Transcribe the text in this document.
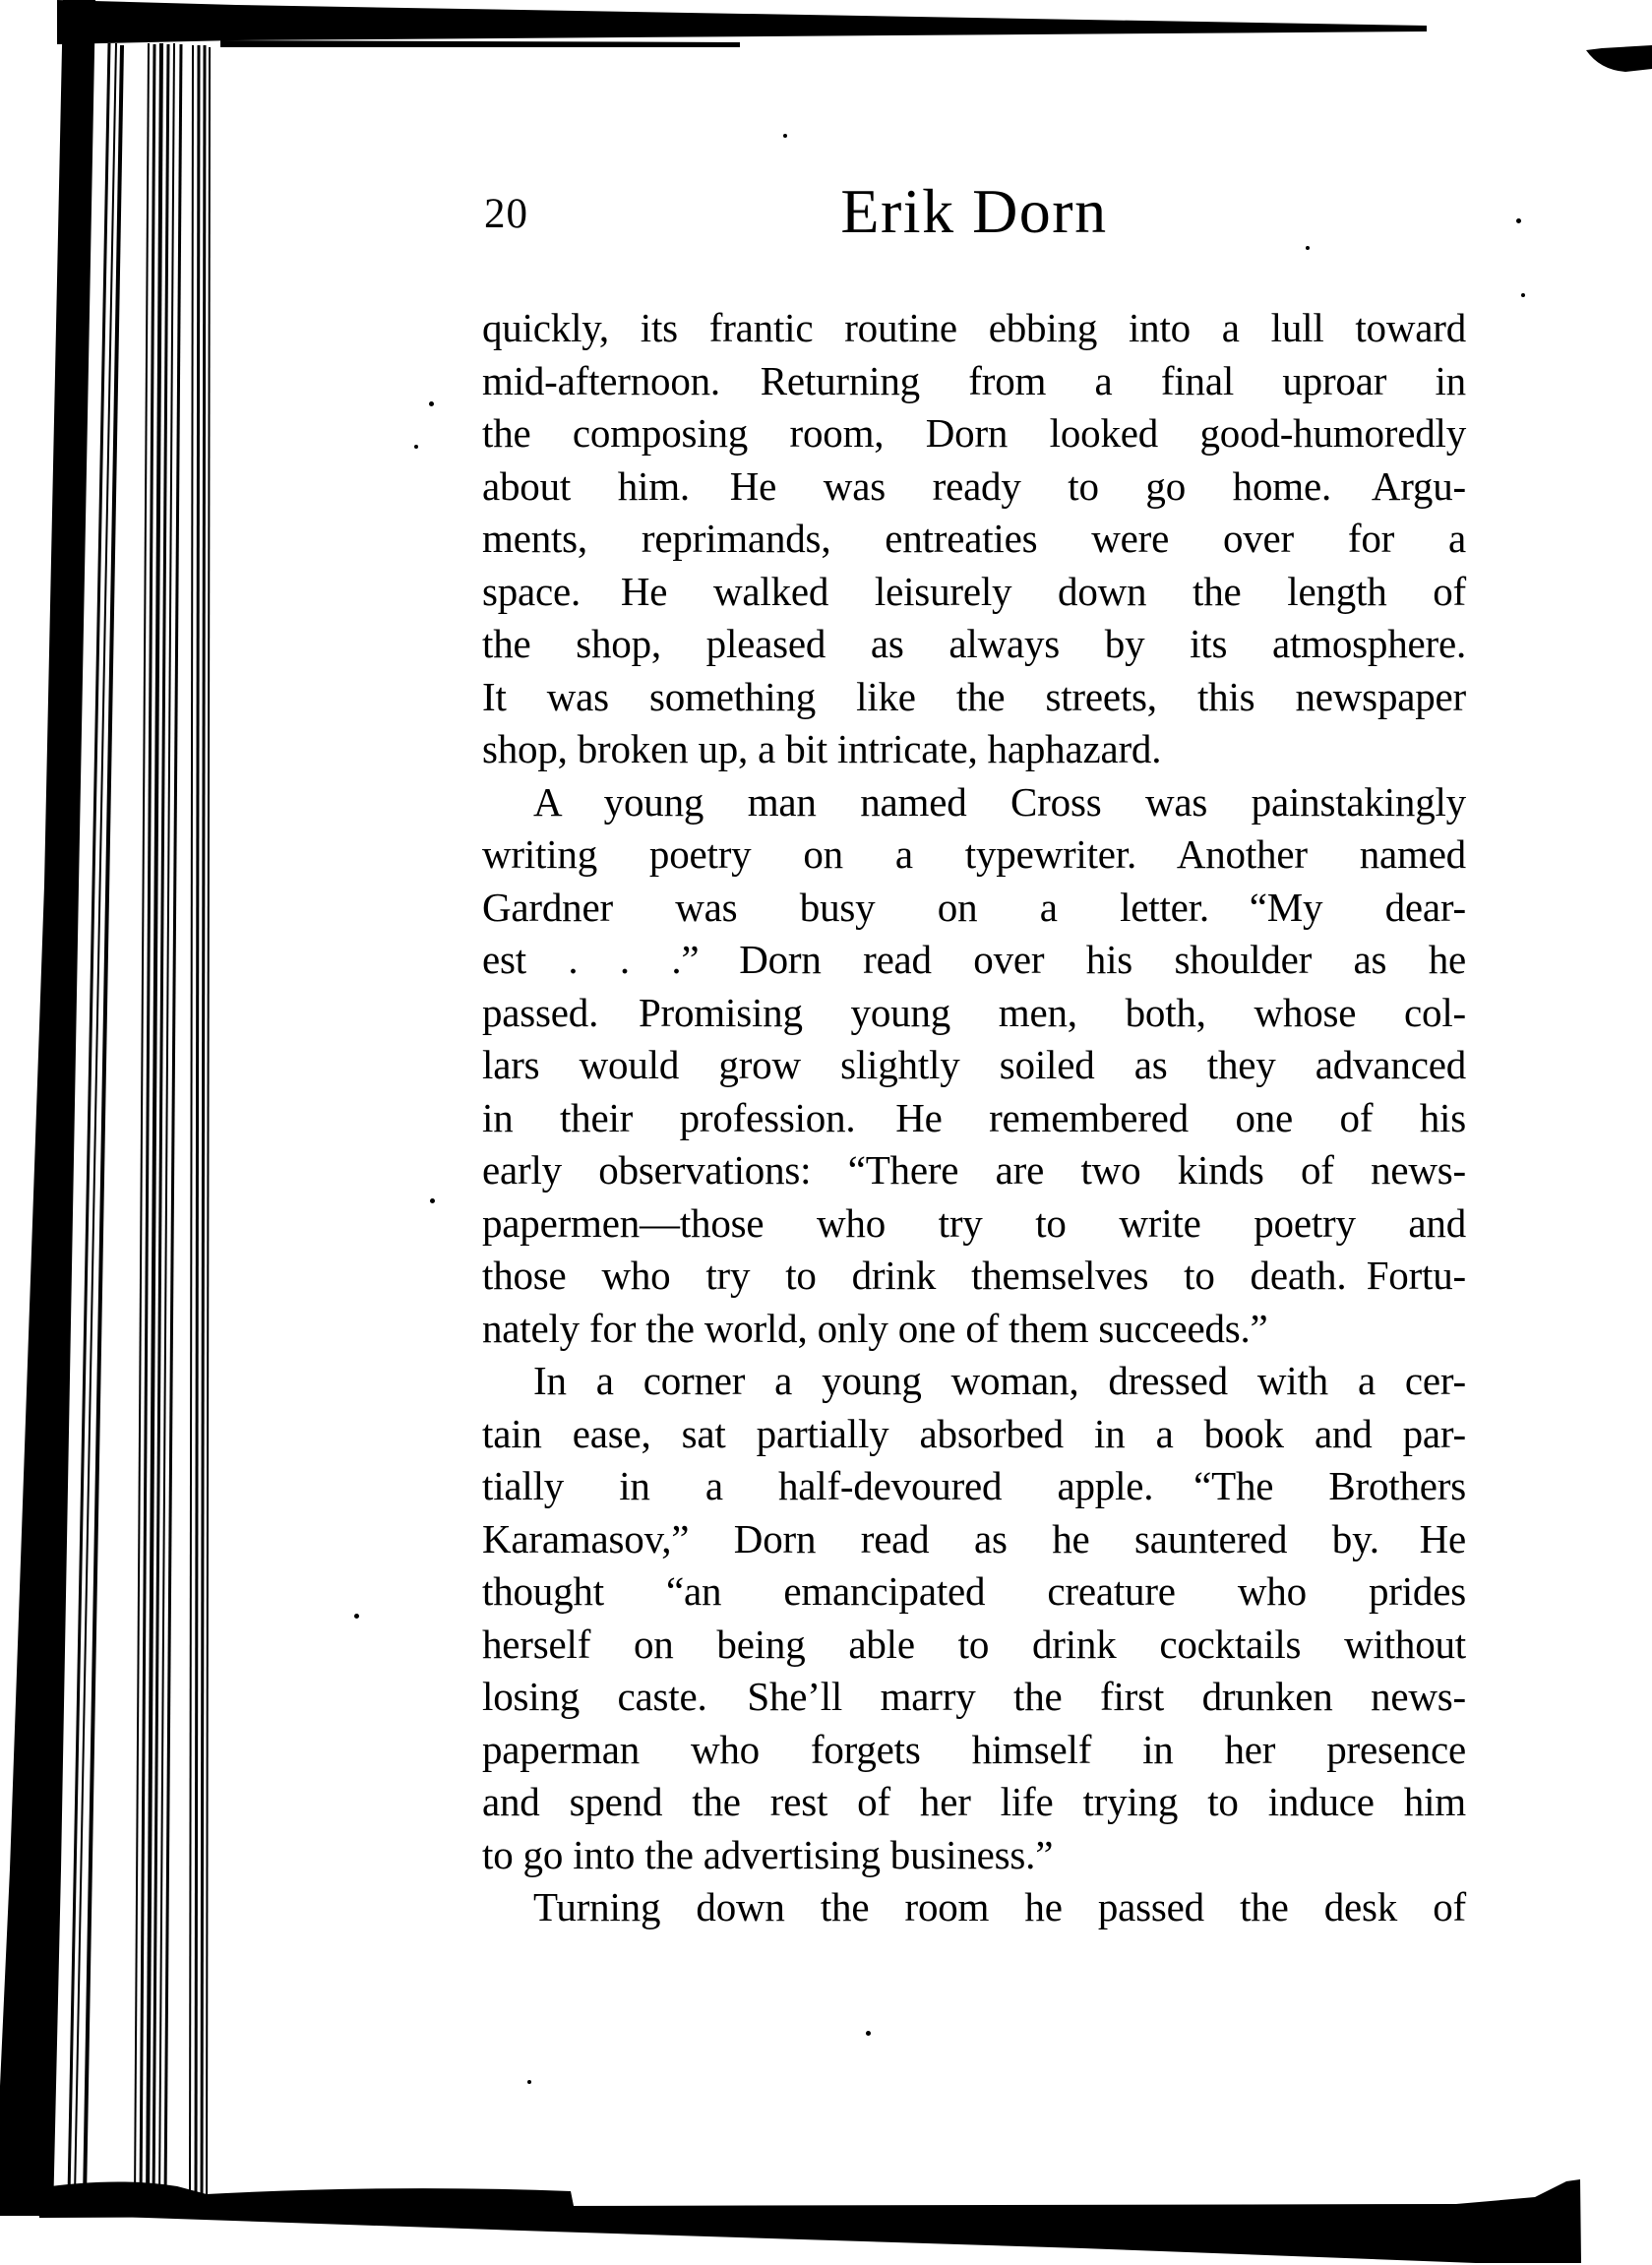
20	Erik Dorn
quickly, its frantic routine ebbing into a lull toward
mid-afternoon. Returning from a final uproar in
the composing room, Dorn looked good-humoredly
about him. He was ready to go home. Argu-
ments, reprimands, entreaties were over for a
space. He walked leisurely down the length of
the shop, pleased as always by its atmosphere.
It was something like the streets, this newspaper
shop, broken up, a bit intricate, haphazard.
A young man named Cross was painstakingly
writing poetry on a typewriter. Another named
Gardner was busy on a letter. “My dear-
est . . .” Dorn read over his shoulder as he
passed. Promising young men, both, whose col-
lars would grow slightly soiled as they advanced
in their profession. He remembered one of his
early observations: “There are two kinds of news-
papermen—those who try to write poetry and
those who try to drink themselves to death. Fortu-
nately for the world, only one of them succeeds.”
In a corner a young woman, dressed with a cer-
tain ease, sat partially absorbed in a book and par-
tially in a half-devoured apple. “The Brothers
Karamasov,” Dorn read as he sauntered by. He
thought “an emancipated creature who prides
herself on being able to drink cocktails without
losing caste. She’ll marry the first drunken news-
paperman who forgets himself in her presence
and spend the rest of her life trying to induce him
to go into the advertising business.”
Turning down the room he passed the desk of
